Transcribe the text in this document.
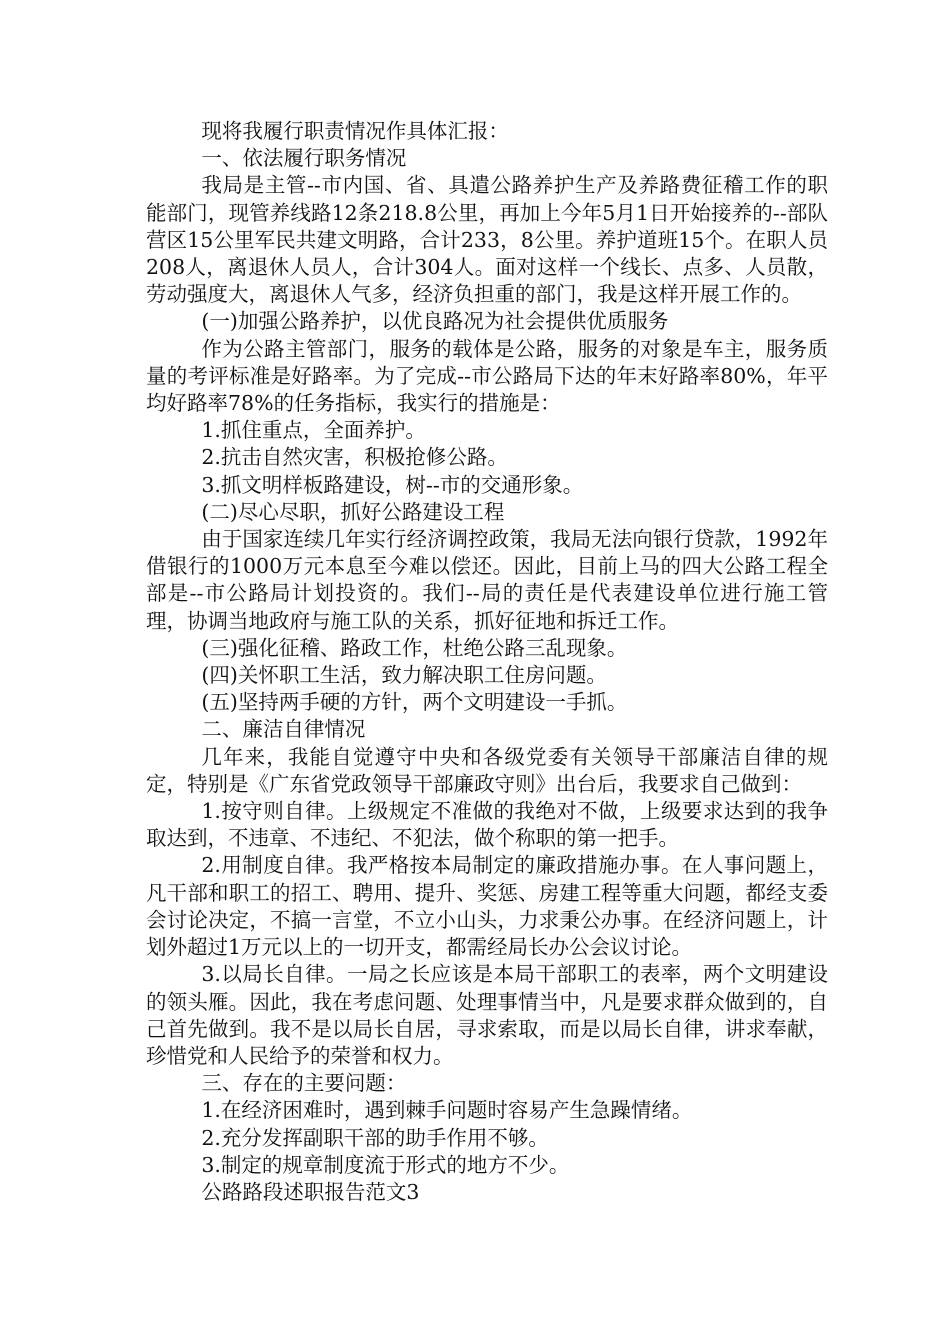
现将我履行职责情况作具体汇报：

一、依法履行职务情况

我局是主管--市内国、省、具遣公路养护生产及养路费征稽工作的职能部门，现管养线路12条218.8公里，再加上今年5月1日开始接养的--部队营区15公里军民共建文明路，合计233，8公里。养护道班15个。在职人员208人，离退休人员人，合计304人。面对这样一个线长、点多、人员散，劳动强度大，离退休人气多，经济负担重的部门，我是这样开展工作的。

(一)加强公路养护，以优良路况为社会提供优质服务

作为公路主管部门，服务的载体是公路，服务的对象是车主，服务质量的考评标准是好路率。为了完成--市公路局下达的年末好路率80%，年平均好路率78%的任务指标，我实行的措施是：

1.抓住重点，全面养护。

2.抗击自然灾害，积极抢修公路。

3.抓文明样板路建设，树--市的交通形象。

(二)尽心尽职，抓好公路建设工程

由于国家连续几年实行经济调控政策，我局无法向银行贷款，1992年借银行的1000万元本息至今难以偿还。因此，目前上马的四大公路工程全部是--市公路局计划投资的。我们--局的责任是代表建设单位进行施工管理，协调当地政府与施工队的关系，抓好征地和拆迁工作。

(三)强化征稽、路政工作，杜绝公路三乱现象。

(四)关怀职工生活，致力解决职工住房问题。

(五)坚持两手硬的方针，两个文明建设一手抓。

二、廉洁自律情况

几年来，我能自觉遵守中央和各级党委有关领导干部廉洁自律的规定，特别是《广东省党政领导干部廉政守则》出台后，我要求自己做到：

1.按守则自律。上级规定不准做的我绝对不做，上级要求达到的我争取达到，不违章、不违纪、不犯法，做个称职的第一把手。

2.用制度自律。我严格按本局制定的廉政措施办事。在人事问题上，凡干部和职工的招工、聘用、提升、奖惩、房建工程等重大问题，都经支委会讨论决定，不搞一言堂，不立小山头，力求秉公办事。在经济问题上，计划外超过1万元以上的一切开支，都需经局长办公会议讨论。

3.以局长自律。一局之长应该是本局干部职工的表率，两个文明建设的领头雁。因此，我在考虑问题、处理事情当中，凡是要求群众做到的，自己首先做到。我不是以局长自居，寻求索取，而是以局长自律，讲求奉献，珍惜党和人民给予的荣誉和权力。

三、存在的主要问题：

1.在经济困难时，遇到棘手问题时容易产生急躁情绪。

2.充分发挥副职干部的助手作用不够。

3.制定的规章制度流于形式的地方不少。

公路路段述职报告范文3
